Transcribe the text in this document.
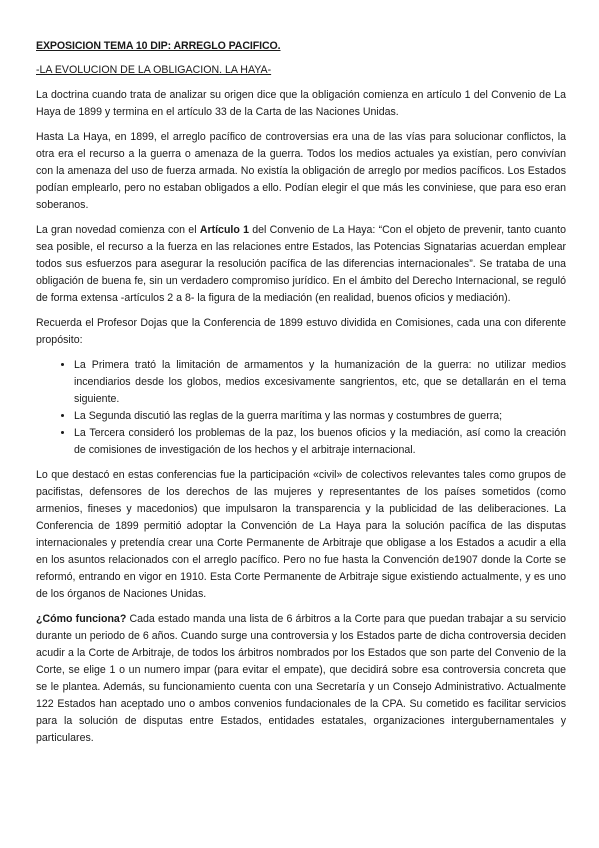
EXPOSICION TEMA 10 DIP: ARREGLO PACIFICO.
-LA EVOLUCION DE LA OBLIGACION. LA HAYA-

La doctrina cuando trata de analizar su origen dice que la obligación comienza en artículo 1 del Convenio de La Haya de 1899 y termina en el artículo 33 de la Carta de las Naciones Unidas.

Hasta La Haya, en 1899, el arreglo pacífico de controversias era una de las vías para solucionar conflictos, la otra era el recurso a la guerra o amenaza de la guerra. Todos los medios actuales ya existían, pero convivían con la amenaza del uso de fuerza armada. No existía la obligación de arreglo por medios pacíficos. Los Estados podían emplearlo, pero no estaban obligados a ello. Podían elegir el que más les conviniese, que para eso eran soberanos.

La gran novedad comienza con el Artículo 1 del Convenio de La Haya: “Con el objeto de prevenir, tanto cuanto sea posible, el recurso a la fuerza en las relaciones entre Estados, las Potencias Signatarias acuerdan emplear todos sus esfuerzos para asegurar la resolución pacífica de las diferencias internacionales”. Se trataba de una obligación de buena fe, sin un verdadero compromiso jurídico. En el ámbito del Derecho Internacional, se reguló de forma extensa -artículos 2 a 8- la figura de la mediación (en realidad, buenos oficios y mediación).

Recuerda el Profesor Dojas que la Conferencia de 1899 estuvo dividida en Comisiones, cada una con diferente propósito:

• La Primera trató la limitación de armamentos y la humanización de la guerra: no utilizar medios incendiarios desde los globos, medios excesivamente sangrientos, etc, que se detallarán en el tema siguiente.
• La Segunda discutió las reglas de la guerra marítima y las normas y costumbres de guerra;
• La Tercera consideró los problemas de la paz, los buenos oficios y la mediación, así como la creación de comisiones de investigación de los hechos y el arbitraje internacional.

Lo que destacó en estas conferencias fue la participación «civil» de colectivos relevantes tales como grupos de pacifistas, defensores de los derechos de las mujeres y representantes de los países sometidos (como armenios, fineses y macedonios) que impulsaron la transparencia y la publicidad de las deliberaciones. La Conferencia de 1899 permitió adoptar la Convención de La Haya para la solución pacífica de las disputas internacionales y pretendía crear una Corte Permanente de Arbitraje que obligase a los Estados a acudir a ella en los asuntos relacionados con el arreglo pacífico. Pero no fue hasta la Convención de1907 donde la Corte se reformó, entrando en vigor en 1910. Esta Corte Permanente de Arbitraje sigue existiendo actualmente, y es uno de los órganos de Naciones Unidas.

¿Cómo funciona? Cada estado manda una lista de 6 árbitros a la Corte para que puedan trabajar a su servicio durante un periodo de 6 años. Cuando surge una controversia y los Estados parte de dicha controversia deciden acudir a la Corte de Arbitraje, de todos los árbitros nombrados por los Estados que son parte del Convenio de la Corte, se elige 1 o un numero impar (para evitar el empate), que decidirá sobre esa controversia concreta que se le plantea. Además, su funcionamiento cuenta con una Secretaría y un Consejo Administrativo. Actualmente 122 Estados han aceptado uno o ambos convenios fundacionales de la CPA. Su cometido es facilitar servicios para la solución de disputas entre Estados, entidades estatales, organizaciones intergubernamentales y particulares.
